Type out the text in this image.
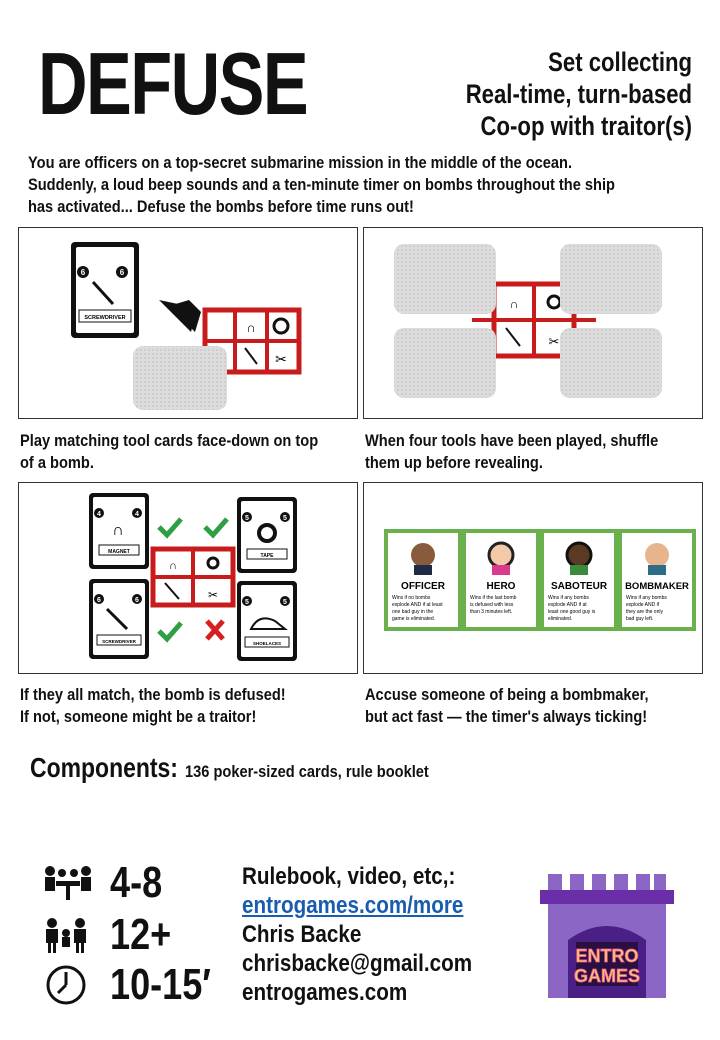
DEFUSE	Set collecting
Real-time, turn-based
Co-op with traitor(s)
You are officers on a top-secret submarine mission in the middle of the ocean.
Suddenly, a loud beep sounds and a ten-minute timer on bombs throughout the ship
has activated... Defuse the bombs before time runs out!
6	6
SCREWDRIVER
∩
✂
Play matching tool cards face-down on top
of a bomb.
∩
✂
When four tools have been played, shuffle
them up before revealing.
4	4
∩
MAGNET
6	6
SCREWDRIVER
5	5
TAPE
5	5
SHOELACES
∩
✂
If they all match, the bomb is defused!
If not, someone might be a traitor!
OFFICER
Wins if no bombs
explode AND if at least
one bad guy in the
game is eliminated.
HERO
Wins if the last bomb
is defused with less
than 3 minutes left.
SABOTEUR
Wins if any bombs
explode AND if at
least one good guy is
eliminated.
BOMBMAKER
Wins if any bombs
explode AND if
they are the only
bad guy left.
Accuse someone of being a bombmaker,
but act fast — the timer's always ticking!
Components: 136 poker-sized cards, rule booklet
4-8
12+
10-15′
Rulebook, video, etc,:
entrogames.com/more
Chris Backe
chrisbacke@gmail.com
entrogames.com
ENTRO
GAMES
